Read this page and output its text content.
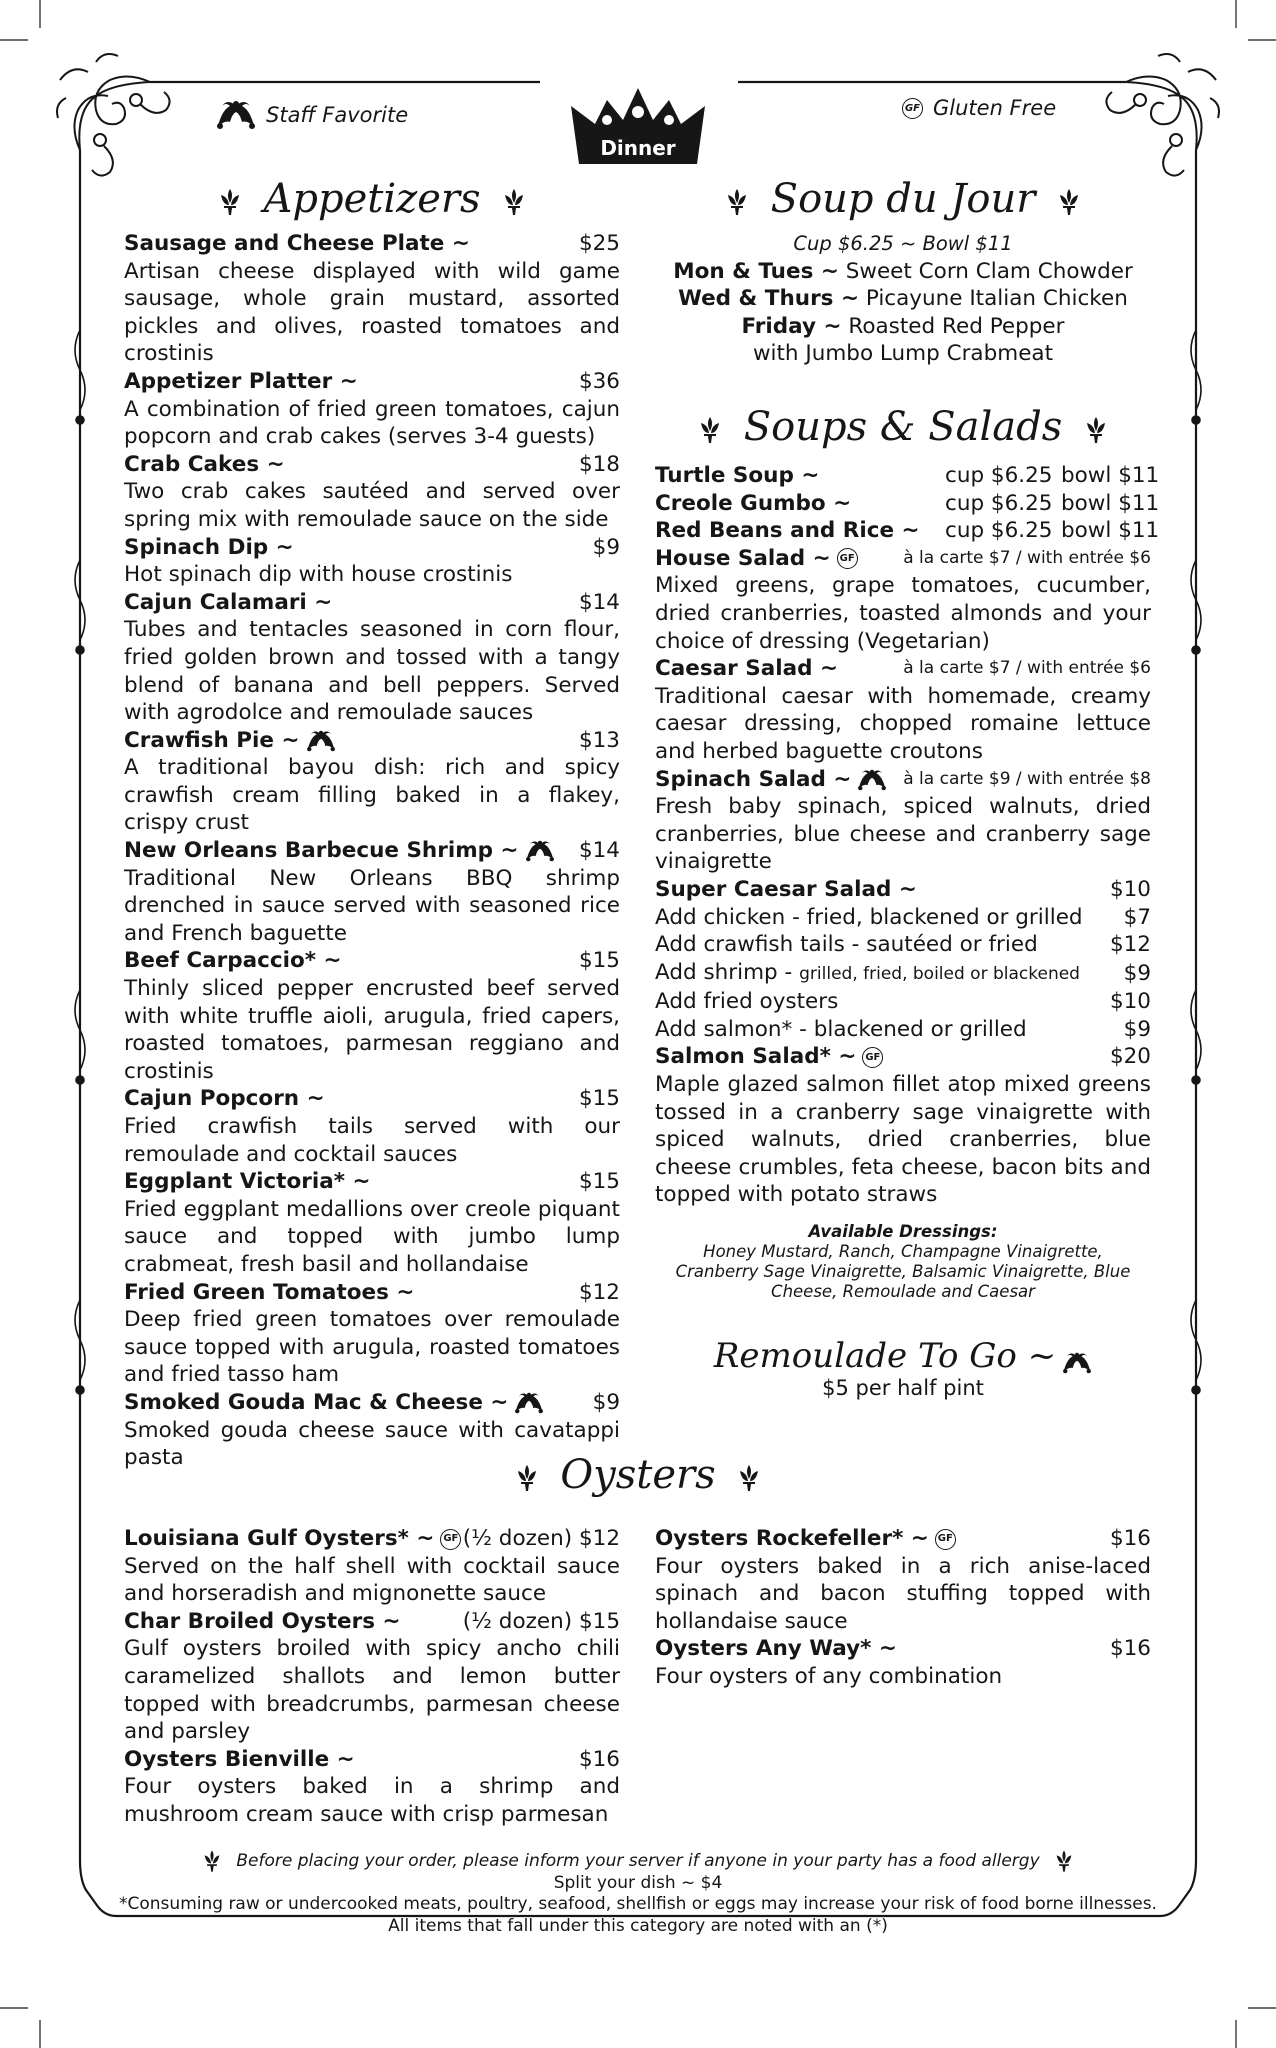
Staff Favorite
Dinner
GF Gluten Free
Appetizers
Sausage and Cheese Plate ~	$25
Artisan cheese displayed with wild game sausage, whole grain mustard, assorted pickles and olives, roasted tomatoes and crostinis
Appetizer Platter ~	$36
A combination of fried green tomatoes, cajun popcorn and crab cakes (serves 3-4 guests)
Crab Cakes ~	$18
Two crab cakes sautéed and served over spring mix with remoulade sauce on the side
Spinach Dip ~	$9
Hot spinach dip with house crostinis
Cajun Calamari ~	$14
Tubes and tentacles seasoned in corn flour, fried golden brown and tossed with a tangy blend of banana and bell peppers. Served with agrodolce and remoulade sauces
Crawfish Pie ~	$13
A traditional bayou dish: rich and spicy crawfish cream filling baked in a flakey, crispy crust
New Orleans Barbecue Shrimp ~	$14
Traditional New Orleans BBQ shrimp drenched in sauce served with seasoned rice and French baguette
Beef Carpaccio* ~	$15
Thinly sliced pepper encrusted beef served with white truffle aioli, arugula, fried capers, roasted tomatoes, parmesan reggiano and crostinis
Cajun Popcorn ~	$15
Fried crawfish tails served with our remoulade and cocktail sauces
Eggplant Victoria* ~	$15
Fried eggplant medallions over creole piquant sauce and topped with jumbo lump crabmeat, fresh basil and hollandaise
Fried Green Tomatoes ~	$12
Deep fried green tomatoes over remoulade sauce topped with arugula, roasted tomatoes and fried tasso ham
Smoked Gouda Mac & Cheese ~	$9
Smoked gouda cheese sauce with cavatappi pasta
Soup du Jour
Cup $6.25 ~ Bowl $11
Mon & Tues ~ Sweet Corn Clam Chowder
Wed & Thurs ~ Picayune Italian Chicken
Friday ~ Roasted Red Pepper
with Jumbo Lump Crabmeat
Soups & Salads
Turtle Soup ~	cup $6.25 bowl $11
Creole Gumbo ~	cup $6.25 bowl $11
Red Beans and Rice ~ cup $6.25 bowl $11
House Salad ~ GF	à la carte $7 / with entrée $6
Mixed greens, grape tomatoes, cucumber, dried cranberries, toasted almonds and your choice of dressing (Vegetarian)
Caesar Salad ~	à la carte $7 / with entrée $6
Traditional caesar with homemade, creamy caesar dressing, chopped romaine lettuce and herbed baguette croutons
Spinach Salad ~	à la carte $9 / with entrée $8
Fresh baby spinach, spiced walnuts, dried cranberries, blue cheese and cranberry sage vinaigrette
Super Caesar Salad ~	$10
Add chicken - fried, blackened or grilled $7
Add crawfish tails - sautéed or fried	$12
Add shrimp - grilled, fried, boiled or blackened $9
Add fried oysters	$10
Add salmon* - blackened or grilled	$9
Salmon Salad* ~ GF	$20
Maple glazed salmon fillet atop mixed greens tossed in a cranberry sage vinaigrette with spiced walnuts, dried cranberries, blue cheese crumbles, feta cheese, bacon bits and topped with potato straws
Available Dressings:
Honey Mustard, Ranch, Champagne Vinaigrette, Cranberry Sage Vinaigrette, Balsamic Vinaigrette, Blue Cheese, Remoulade and Caesar
Remoulade To Go ~
$5 per half pint
Oysters
Louisiana Gulf Oysters* ~ GF (½ dozen) $12
Served on the half shell with cocktail sauce and horseradish and mignonette sauce
Char Broiled Oysters ~	(½ dozen) $15
Gulf oysters broiled with spicy ancho chili caramelized shallots and lemon butter topped with breadcrumbs, parmesan cheese and parsley
Oysters Bienville ~	$16
Four oysters baked in a shrimp and mushroom cream sauce with crisp parmesan
Oysters Rockefeller* ~ GF	$16
Four oysters baked in a rich anise-laced spinach and bacon stuffing topped with hollandaise sauce
Oysters Any Way* ~	$16
Four oysters of any combination
Before placing your order, please inform your server if anyone in your party has a food allergy
Split your dish ~ $4
*Consuming raw or undercooked meats, poultry, seafood, shellfish or eggs may increase your risk of food borne illnesses.
All items that fall under this category are noted with an (*)
